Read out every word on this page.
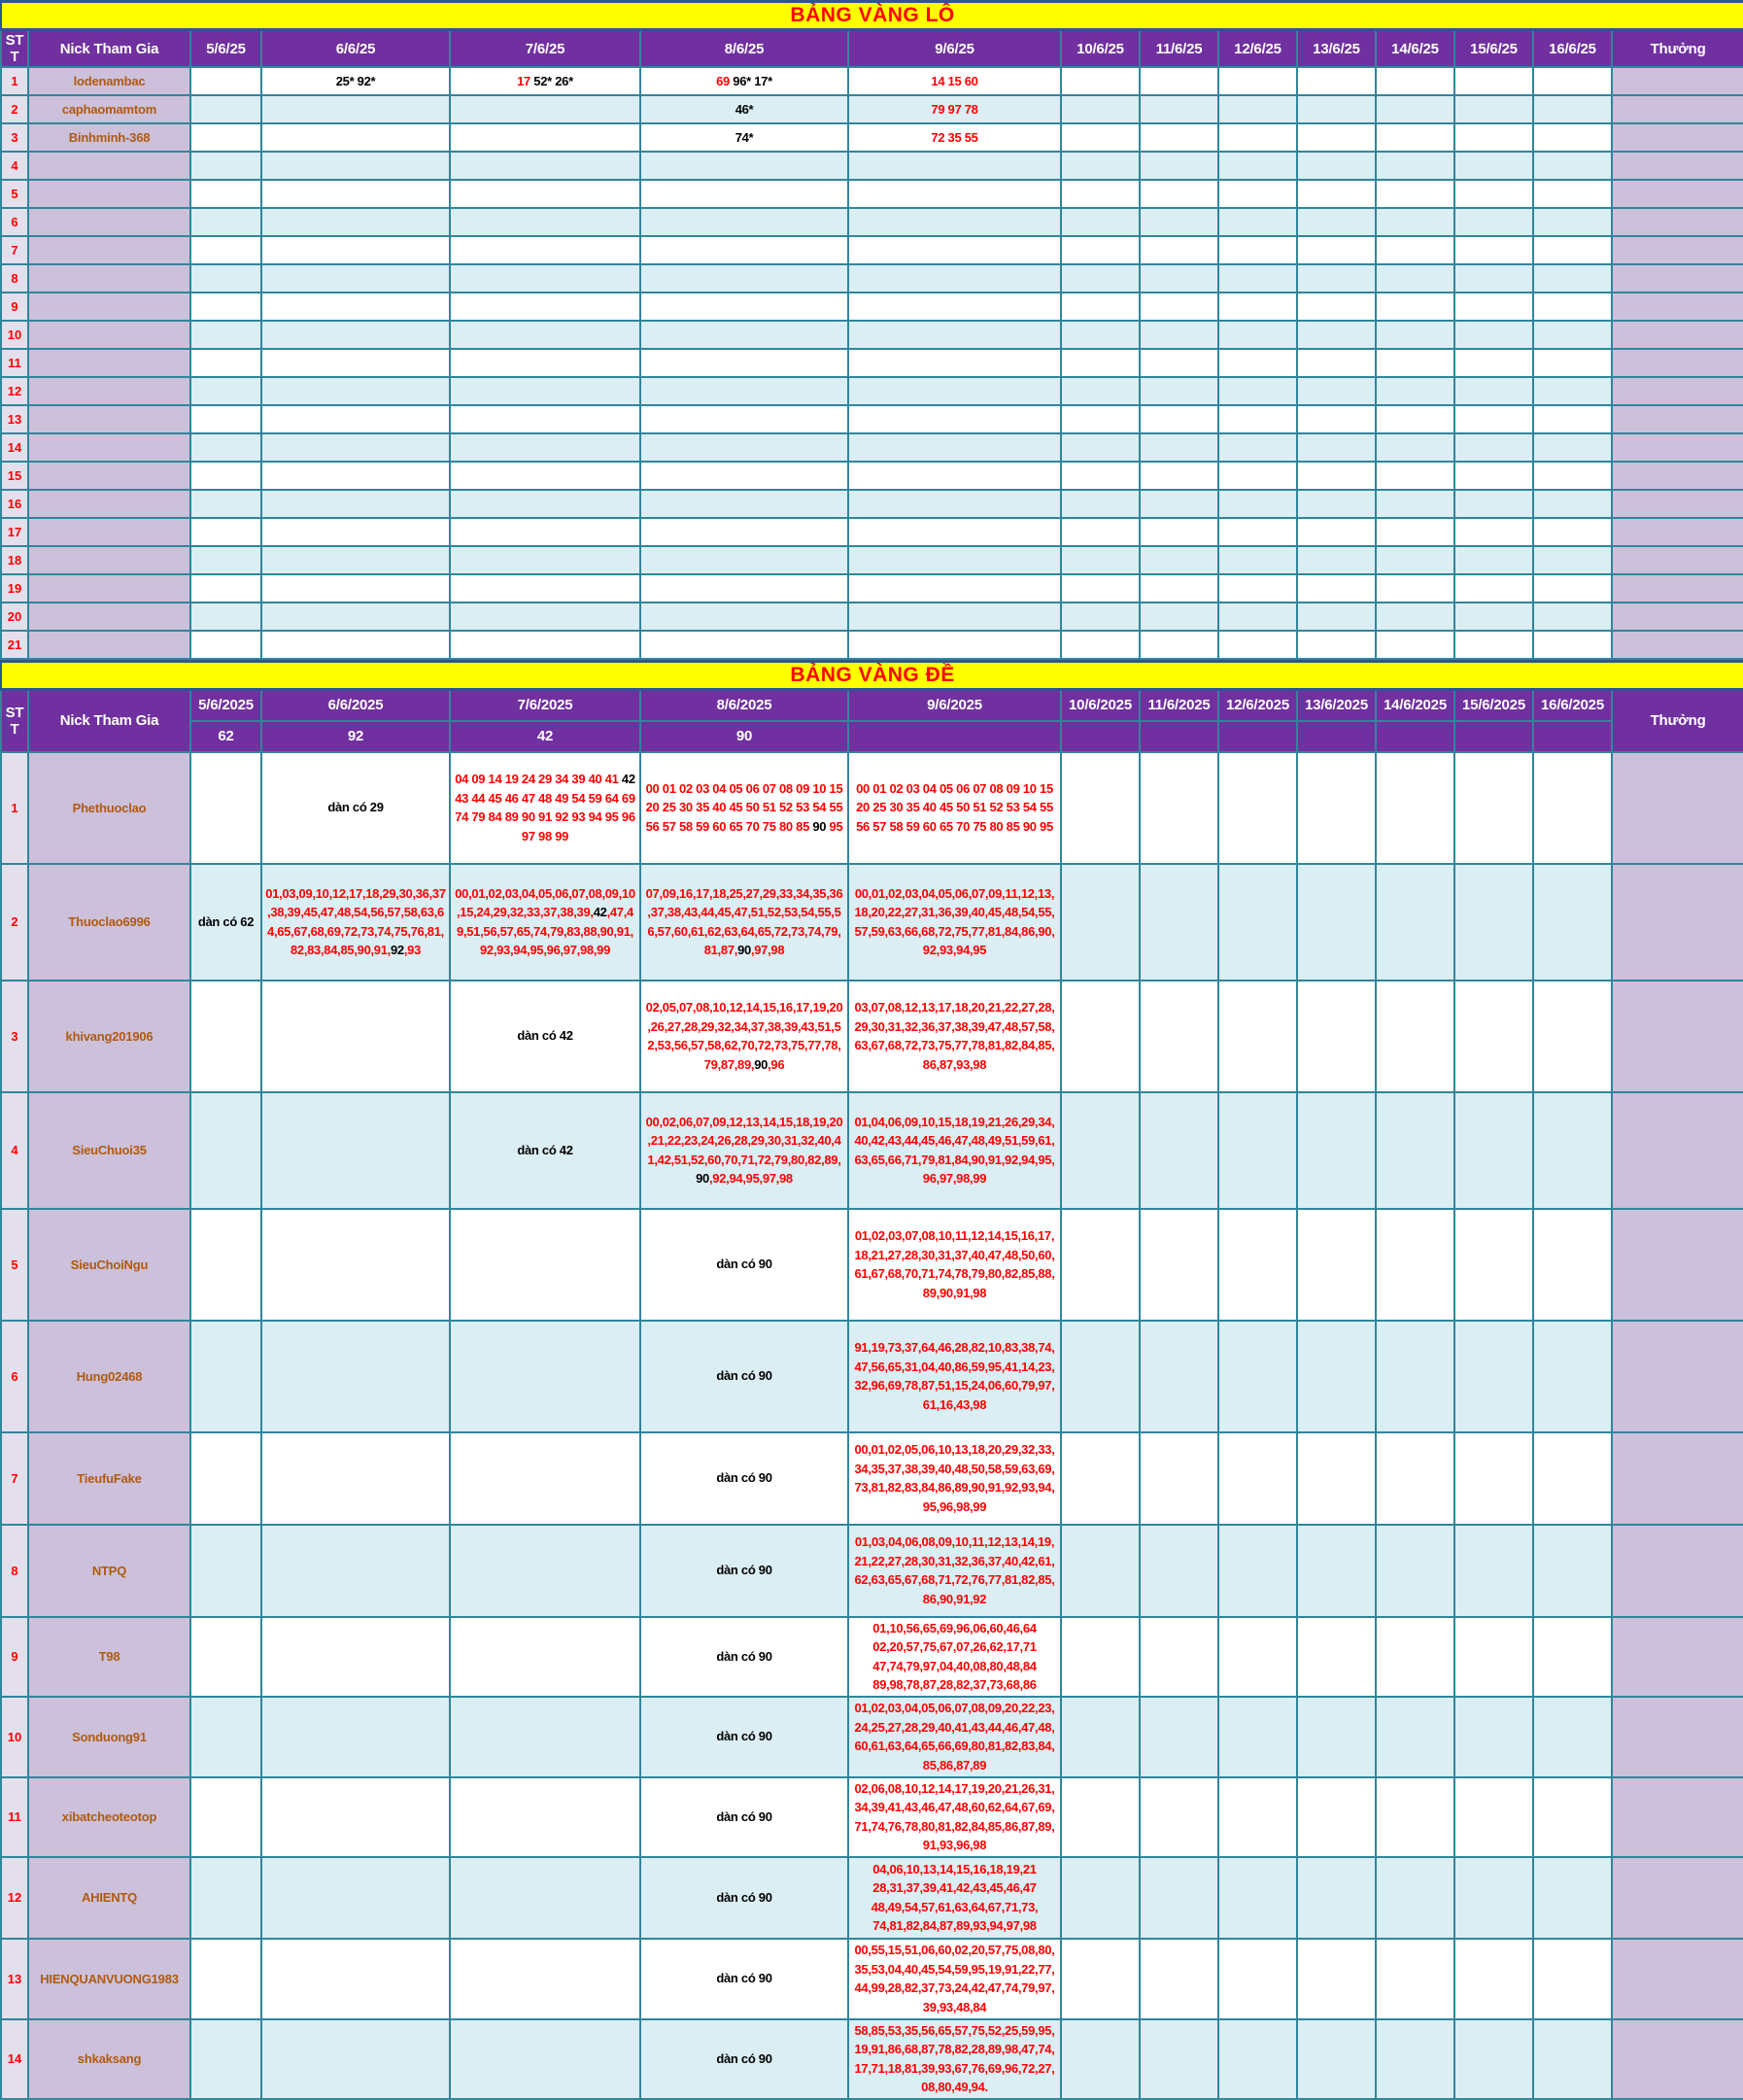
BẢNG VÀNG LÔ														
STT	Nick Tham Gia	5/6/25	6/6/25	7/6/25	8/6/25	9/6/25	10/6/25	11/6/25	12/6/25	13/6/25	14/6/25	15/6/25	16/6/25	Thưởng
1	lodenambac		25* 92*	17 52* 26*	69 96* 17*	14 15 60								
2	caphaomamtom				46*	79 97 78								
3	Binhminh-368				74*	72 35 55								
4														
5														
6														
7														
8														
9														
10														
11														
12														
13														
14														
15														
16														
17														
18														
19														
20														
21														
BẢNG VÀNG ĐỀ														
STT	Nick Tham Gia	5/6/2025	6/6/2025	7/6/2025	8/6/2025	9/6/2025	10/6/2025	11/6/2025	12/6/2025	13/6/2025	14/6/2025	15/6/2025	16/6/2025	Thưởng
		62	92	42	90									
1	Phethuoclao		dàn có 29	04 09 14 19 24 29 34 39 40 41 42 43 44 45 46 47 48 49 54 59 64 69 74 79 84 89 90 91 92 93 94 95 96 97 98 99	00 01 02 03 04 05 06 07 08 09 10 15 20 25 30 35 40 45 50 51 52 53 54 55 56 57 58 59 60 65 70 75 80 85 90 95	00 01 02 03 04 05 06 07 08 09 10 15 20 25 30 35 40 45 50 51 52 53 54 55 56 57 58 59 60 65 70 75 80 85 90 95								
2	Thuoclao6996	dàn có 62	01,03,09,10,12,17,18,29,30,36,37,38,39,45,47,48,54,56,57,58,63,64,65,67,68,69,72,73,74,75,76,81,82,83,84,85,90,91,92,93	00,01,02,03,04,05,06,07,08,09,10,15,24,29,32,33,37,38,39,42,47,49,51,56,57,65,74,79,83,88,90,91,92,93,94,95,96,97,98,99	07,09,16,17,18,25,27,29,33,34,35,36,37,38,43,44,45,47,51,52,53,54,55,56,57,60,61,62,63,64,65,72,73,74,79,81,87,90,97,98	00,01,02,03,04,05,06,07,09,11,12,13,18,20,22,27,31,36,39,40,45,48,54,55,57,59,63,66,68,72,75,77,81,84,86,90,92,93,94,95								
3	khivang201906			dàn có 42	02,05,07,08,10,12,14,15,16,17,19,20,26,27,28,29,32,34,37,38,39,43,51,52,53,56,57,58,62,70,72,73,75,77,78,79,87,89,90,96	03,07,08,12,13,17,18,20,21,22,27,28,29,30,31,32,36,37,38,39,47,48,57,58,63,67,68,72,73,75,77,78,81,82,84,85,86,87,93,98								
4	SieuChuoi35			dàn có 42	00,02,06,07,09,12,13,14,15,18,19,20,21,22,23,24,26,28,29,30,31,32,40,41,42,51,52,60,70,71,72,79,80,82,89,90,92,94,95,97,98	01,04,06,09,10,15,18,19,21,26,29,34,40,42,43,44,45,46,47,48,49,51,59,61,63,65,66,71,79,81,84,90,91,92,94,95,96,97,98,99								
5	SieuChoiNgu				dàn có 90	01,02,03,07,08,10,11,12,14,15,16,17,18,21,27,28,30,31,37,40,47,48,50,60,61,67,68,70,71,74,78,79,80,82,85,88,89,90,91,98								
6	Hung02468				dàn có 90	91,19,73,37,64,46,28,82,10,83,38,74,47,56,65,31,04,40,86,59,95,41,14,23,32,96,69,78,87,51,15,24,06,60,79,97,61,16,43,98								
7	TieufuFake				dàn có 90	00,01,02,05,06,10,13,18,20,29,32,33,34,35,37,38,39,40,48,50,58,59,63,69,73,81,82,83,84,86,89,90,91,92,93,94,95,96,98,99								
8	NTPQ				dàn có 90	01,03,04,06,08,09,10,11,12,13,14,19,21,22,27,28,30,31,32,36,37,40,42,61,62,63,65,67,68,71,72,76,77,81,82,85,86,90,91,92								
9	T98				dàn có 90	01,10,56,65,69,96,06,60,46,64 02,20,57,75,67,07,26,62,17,71 47,74,79,97,04,40,08,80,48,84 89,98,78,87,28,82,37,73,68,86								
10	Sonduong91				dàn có 90	01,02,03,04,05,06,07,08,09,20,22,23,24,25,27,28,29,40,41,43,44,46,47,48,60,61,63,64,65,66,69,80,81,82,83,84,85,86,87,89								
11	xibatcheoteotop				dàn có 90	02,06,08,10,12,14,17,19,20,21,26,31,34,39,41,43,46,47,48,60,62,64,67,69,71,74,76,78,80,81,82,84,85,86,87,89,91,93,96,98								
12	AHIENTQ				dàn có 90	04,06,10,13,14,15,16,18,19,21 28,31,37,39,41,42,43,45,46,47 48,49,54,57,61,63,64,67,71,73, 74,81,82,84,87,89,93,94,97,98								
13	HIENQUANVUONG1983				dàn có 90	00,55,15,51,06,60,02,20,57,75,08,80,35,53,04,40,45,54,59,95,19,91,22,77,44,99,28,82,37,73,24,42,47,74,79,97,39,93,48,84								
14	shkaksang				dàn có 90	58,85,53,35,56,65,57,75,52,25,59,95,19,91,86,68,87,78,82,28,89,98,47,74,17,71,18,81,39,93,67,76,69,96,72,27,08,80,49,94.								
